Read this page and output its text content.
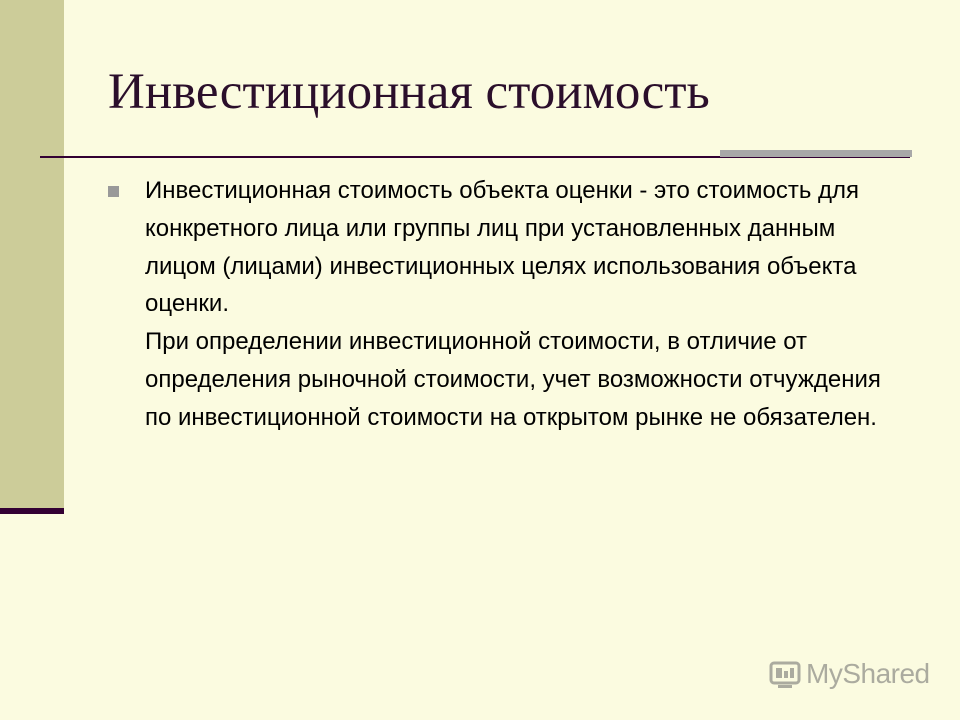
Инвестиционная стоимость
Инвестиционная стоимость объекта оценки - это стоимость для конкретного лица или группы лиц при установленных данным лицом (лицами) инвестиционных целях использования объекта оценки.
При определении инвестиционной стоимости, в отличие от определения рыночной стоимости, учет возможности отчуждения по инвестиционной стоимости на открытом рынке не обязателен.
MyShared
